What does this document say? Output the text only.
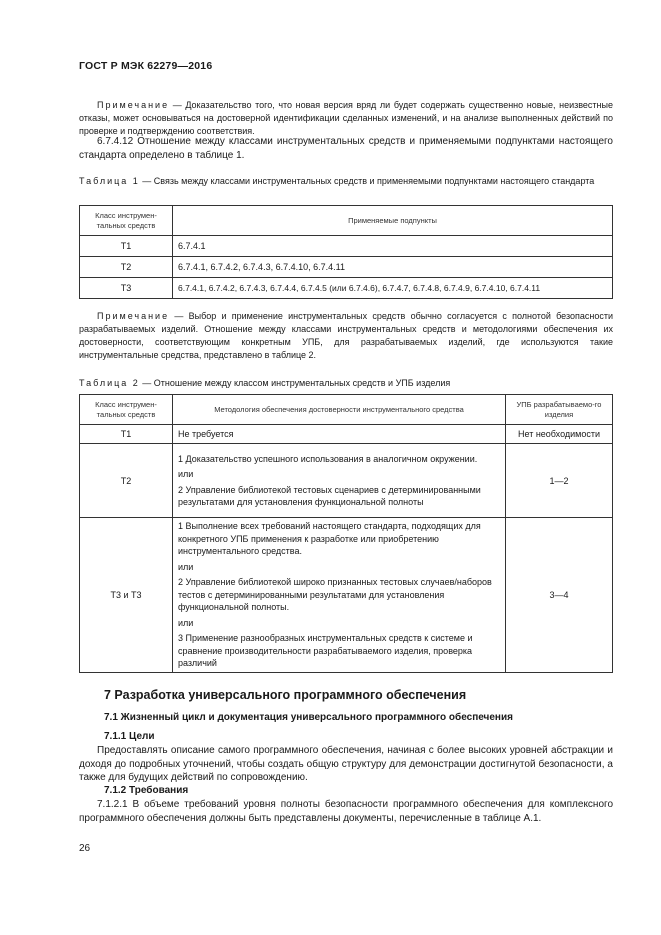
ГОСТ Р МЭК 62279—2016

Примечание — Доказательство того, что новая версия вряд ли будет содержать существенно новые, неизвестные отказы, может основываться на достоверной идентификации сделанных изменений, и на анализе выполненных действий по проверке и подтверждению соответствия.

6.7.4.12 Отношение между классами инструментальных средств и применяемыми подпунктами настоящего стандарта определено в таблице 1.

Таблица 1 — Связь между классами инструментальных средств и применяемыми подпунктами настоящего стандарта
Класс инструмен-тальных средств	Применяемые подпункты
T1	6.7.4.1
T2	6.7.4.1, 6.7.4.2, 6.7.4.3, 6.7.4.10, 6.7.4.11
T3	6.7.4.1, 6.7.4.2, 6.7.4.3, 6.7.4.4, 6.7.4.5 (или 6.7.4.6), 6.7.4.7, 6.7.4.8, 6.7.4.9, 6.7.4.10, 6.7.4.11

Примечание — Выбор и применение инструментальных средств обычно согласуется с полнотой безопасности разрабатываемых изделий. Отношение между классами инструментальных средств и методологиями обеспечения их достоверности, соответствующим конкретным УПБ, для разрабатываемых изделий, где используются такие инструментальные средства, представлено в таблице 2.

Таблица 2 — Отношение между классом инструментальных средств и УПБ изделия
Класс инструмен-тальных средств	Методология обеспечения достоверности инструментального средства	УПБ разрабатываемо-го изделия
T1	Не требуется	Нет необходимости
T2	1 Доказательство успешного использования в аналогичном окружении.
или
2 Управление библиотекой тестовых сценариев с детерминированными результатами для установления функциональной полноты	1—2
T3 и T3	1 Выполнение всех требований настоящего стандарта, подходящих для конкретного УПБ применения к разработке или приобретению инструментального средства.
или
2 Управление библиотекой широко признанных тестовых случаев/наборов тестов с детерминированными результатами для установления функциональной полноты.
или
3 Применение разнообразных инструментальных средств к системе и сравнение производительности разрабатываемого изделия, проверка различий	3—4
7 Разработка универсального программного обеспечения
7.1 Жизненный цикл и документация универсального программного обеспечения
7.1.1 Цели

Предоставлять описание самого программного обеспечения, начиная с более высоких уровней абстракции и доходя до подробных уточнений, чтобы создать общую структуру для демонстрации достигнутой безопасности, а также для будущих действий по сопровождению.

7.1.2 Требования

7.1.2.1 В объеме требований уровня полноты безопасности программного обеспечения для комплексного программного обеспечения должны быть представлены документы, перечисленные в таблице А.1.

26
